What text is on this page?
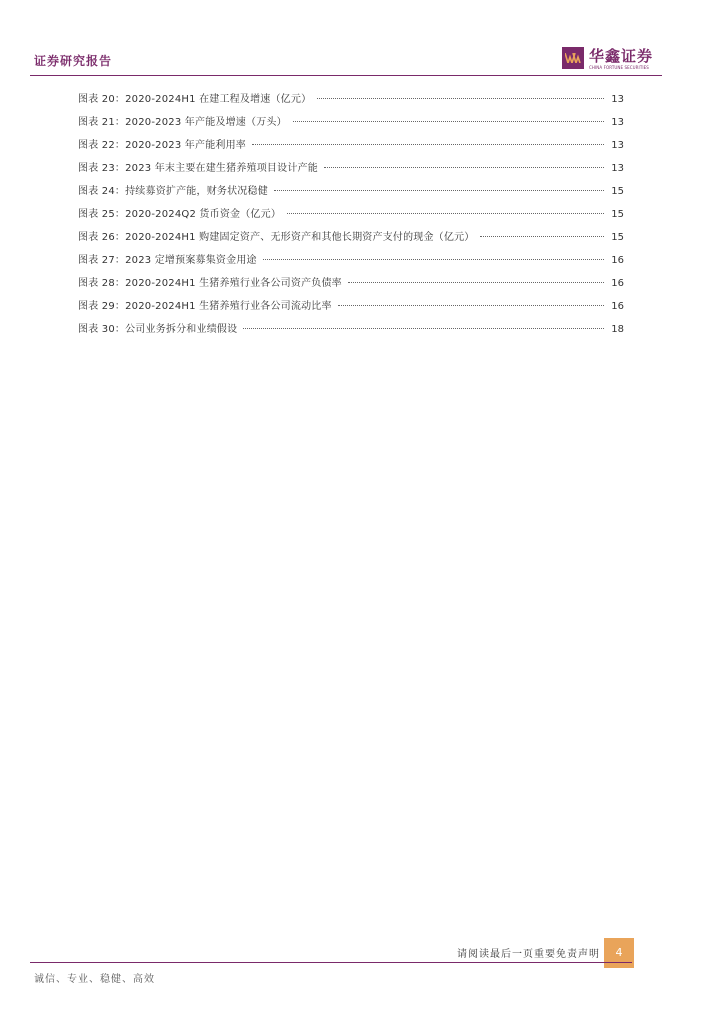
证券研究报告	华鑫证券
CHINA FORTUNE SECURITIES
图表 20：2020-2024H1 在建工程及增速（亿元）	13
图表 21：2020-2023 年产能及增速（万头）	13
图表 22：2020-2023 年产能利用率	13
图表 23：2023 年末主要在建生猪养殖项目设计产能	13
图表 24：持续募资扩产能，财务状况稳健	15
图表 25：2020-2024Q2 货币资金（亿元）	15
图表 26：2020-2024H1 购建固定资产、无形资产和其他长期资产支付的现金（亿元）	15
图表 27：2023 定增预案募集资金用途	16
图表 28：2020-2024H1 生猪养殖行业各公司资产负债率	16
图表 29：2020-2024H1 生猪养殖行业各公司流动比率	16
图表 30：公司业务拆分和业绩假设	18
请阅读最后一页重要免责声明	4
诚信、专业、稳健、高效
